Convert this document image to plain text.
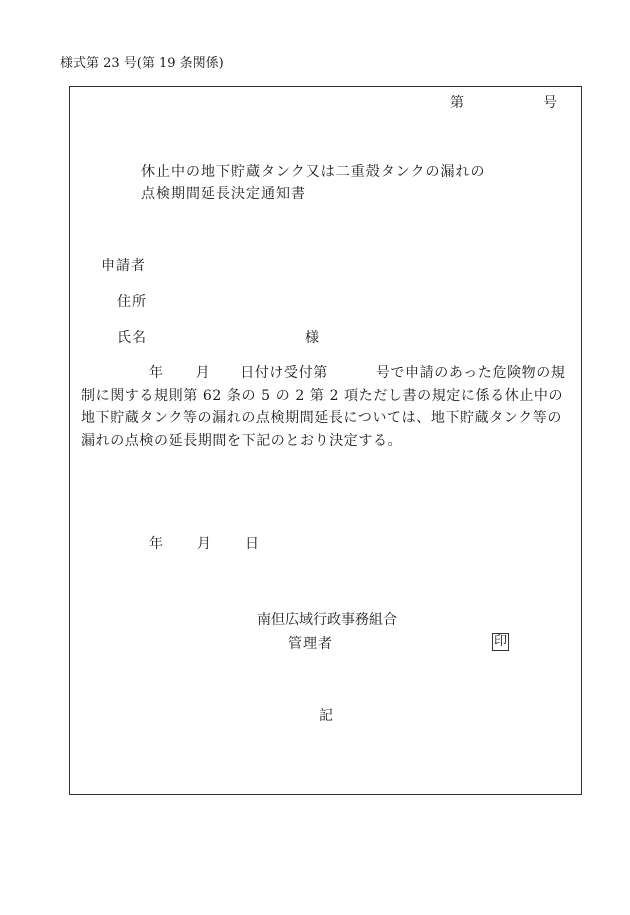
様式第 23 号(第 19 条関係)
第	号
休止中の地下貯蔵タンク又は二重殻タンクの漏れの
点検期間延長決定通知書
申請者
住所
氏名	様
年 月 日付け受付第	号で申請のあった危険物の規制に関する規則第 62 条の 5 の 2 第 2 項ただし書の規定に係る休止中の地下貯蔵タンク等の漏れの点検期間延長については、地下貯蔵タンク等の漏れの点検の延長期間を下記のとおり決定する。
年 月 日
南但広域行政事務組合
管理者	印
記
